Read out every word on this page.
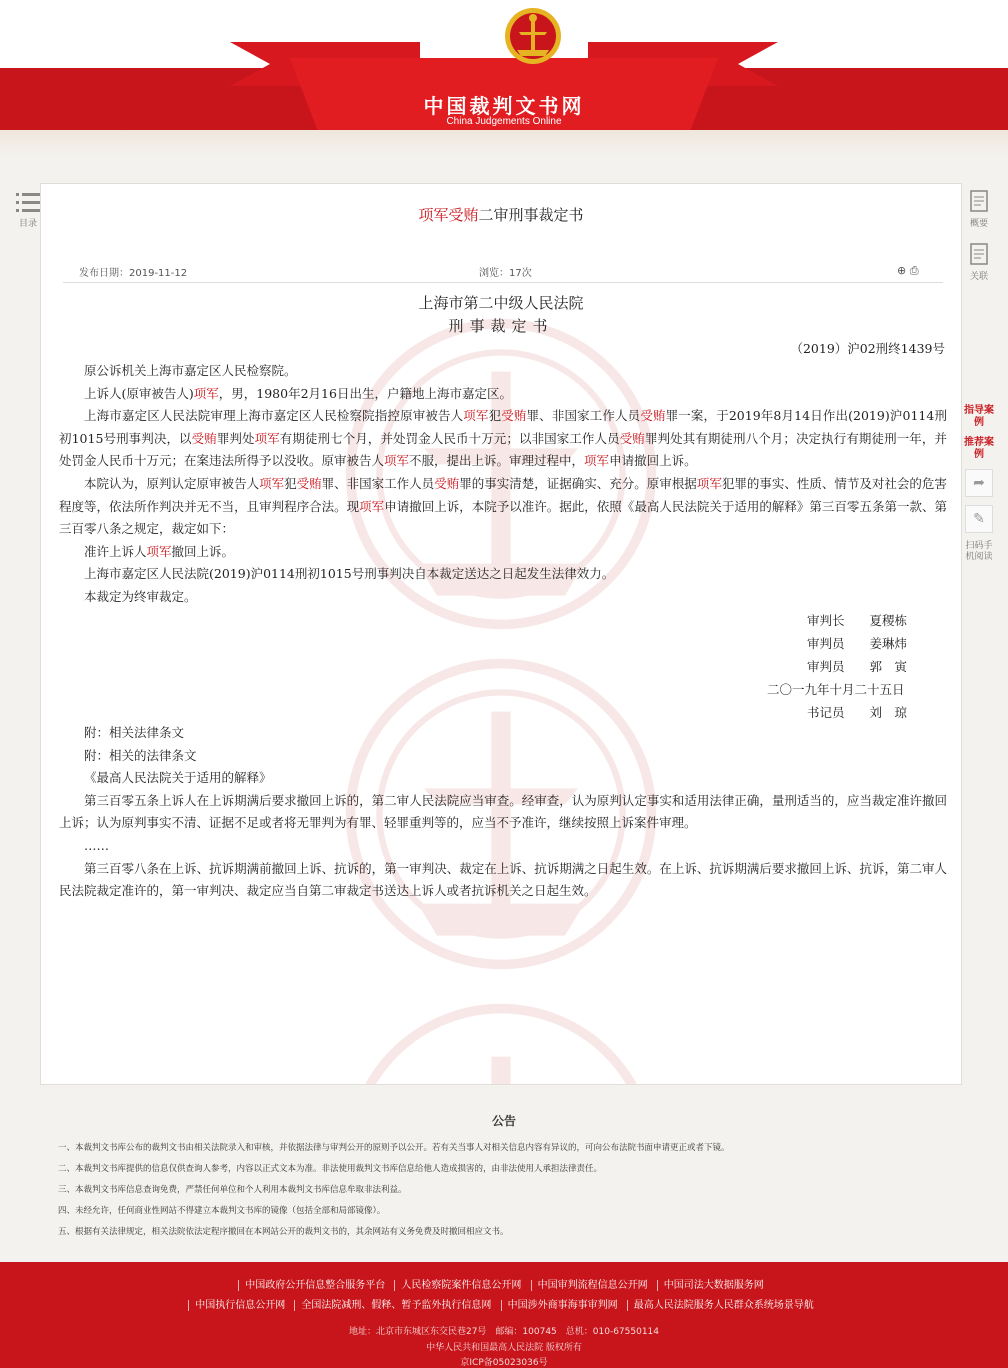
中国裁判文书网
China Judgements Online
目录	概要
关联
指导案例
推荐案例
➦
✎
扫码手机阅读
项军受贿二审刑事裁定书
发布日期：2019-11-12	浏览：17次	⊕ ⎙
上海市第二中级人民法院
刑事裁定书
（2019）沪02刑终1439号

原公诉机关上海市嘉定区人民检察院。

上诉人(原审被告人)项军，男，1980年2月16日出生，户籍地上海市嘉定区。

上海市嘉定区人民法院审理上海市嘉定区人民检察院指控原审被告人项军犯受贿罪、非国家工作人员受贿罪一案，于2019年8月14日作出(2019)沪0114刑初1015号刑事判决，以受贿罪判处项军有期徒刑七个月，并处罚金人民币十万元；以非国家工作人员受贿罪判处其有期徒刑八个月；决定执行有期徒刑一年，并处罚金人民币十万元；在案违法所得予以没收。原审被告人项军不服，提出上诉。审理过程中，项军申请撤回上诉。

本院认为，原判认定原审被告人项军犯受贿罪、非国家工作人员受贿罪的事实清楚，证据确实、充分。原审根据项军犯罪的事实、性质、情节及对社会的危害程度等，依法所作判决并无不当，且审判程序合法。现项军申请撤回上诉，本院予以准许。据此，依照《最高人民法院关于适用的解释》第三百零五条第一款、第三百零八条之规定，裁定如下：

准许上诉人项军撤回上诉。

上海市嘉定区人民法院(2019)沪0114刑初1015号刑事判决自本裁定送达之日起发生法律效力。

本裁定为终审裁定。

审判长　　 夏稷栋
审判员　　 姜琳炜
审判员　　 郭　寅
二〇一九年十月二十五日
书记员　　 刘　琼

附：相关法律条文

附：相关的法律条文

《最高人民法院关于适用的解释》

第三百零五条上诉人在上诉期满后要求撤回上诉的，第二审人民法院应当审查。经审查，认为原判认定事实和适用法律正确，量刑适当的，应当裁定准许撤回上诉；认为原判事实不清、证据不足或者将无罪判为有罪、轻罪重判等的，应当不予准许，继续按照上诉案件审理。

……

第三百零八条在上诉、抗诉期满前撤回上诉、抗诉的，第一审判决、裁定在上诉、抗诉期满之日起生效。在上诉、抗诉期满后要求撤回上诉、抗诉，第二审人民法院裁定准许的，第一审判决、裁定应当自第二审裁定书送达上诉人或者抗诉机关之日起生效。

公告
一、本裁判文书库公布的裁判文书由相关法院录入和审核，并依据法律与审判公开的原则予以公开。若有关当事人对相关信息内容有异议的，可向公布法院书面申请更正或者下镜。
二、本裁判文书库提供的信息仅供查询人参考，内容以正式文本为准。非法使用裁判文书库信息给他人造成损害的，由非法使用人承担法律责任。
三、本裁判文书库信息查询免费，严禁任何单位和个人利用本裁判文书库信息牟取非法利益。
四、未经允许，任何商业性网站不得建立本裁判文书库的镜像（包括全部和局部镜像）。
五、根据有关法律规定，相关法院依法定程序撤回在本网站公开的裁判文书的，其余网站有义务免费及时撤回相应文书。
中国政府公开信息整合服务平台 人民检察院案件信息公开网 中国审判流程信息公开网 中国司法大数据服务网
中国执行信息公开网 全国法院减刑、假释、暂予监外执行信息网 中国涉外商事海事审判网 最高人民法院服务人民群众系统场景导航
地址：北京市东城区东交民巷27号　邮编：100745　总机：010-67550114
中华人民共和国最高人民法院 版权所有
京ICP备05023036号
